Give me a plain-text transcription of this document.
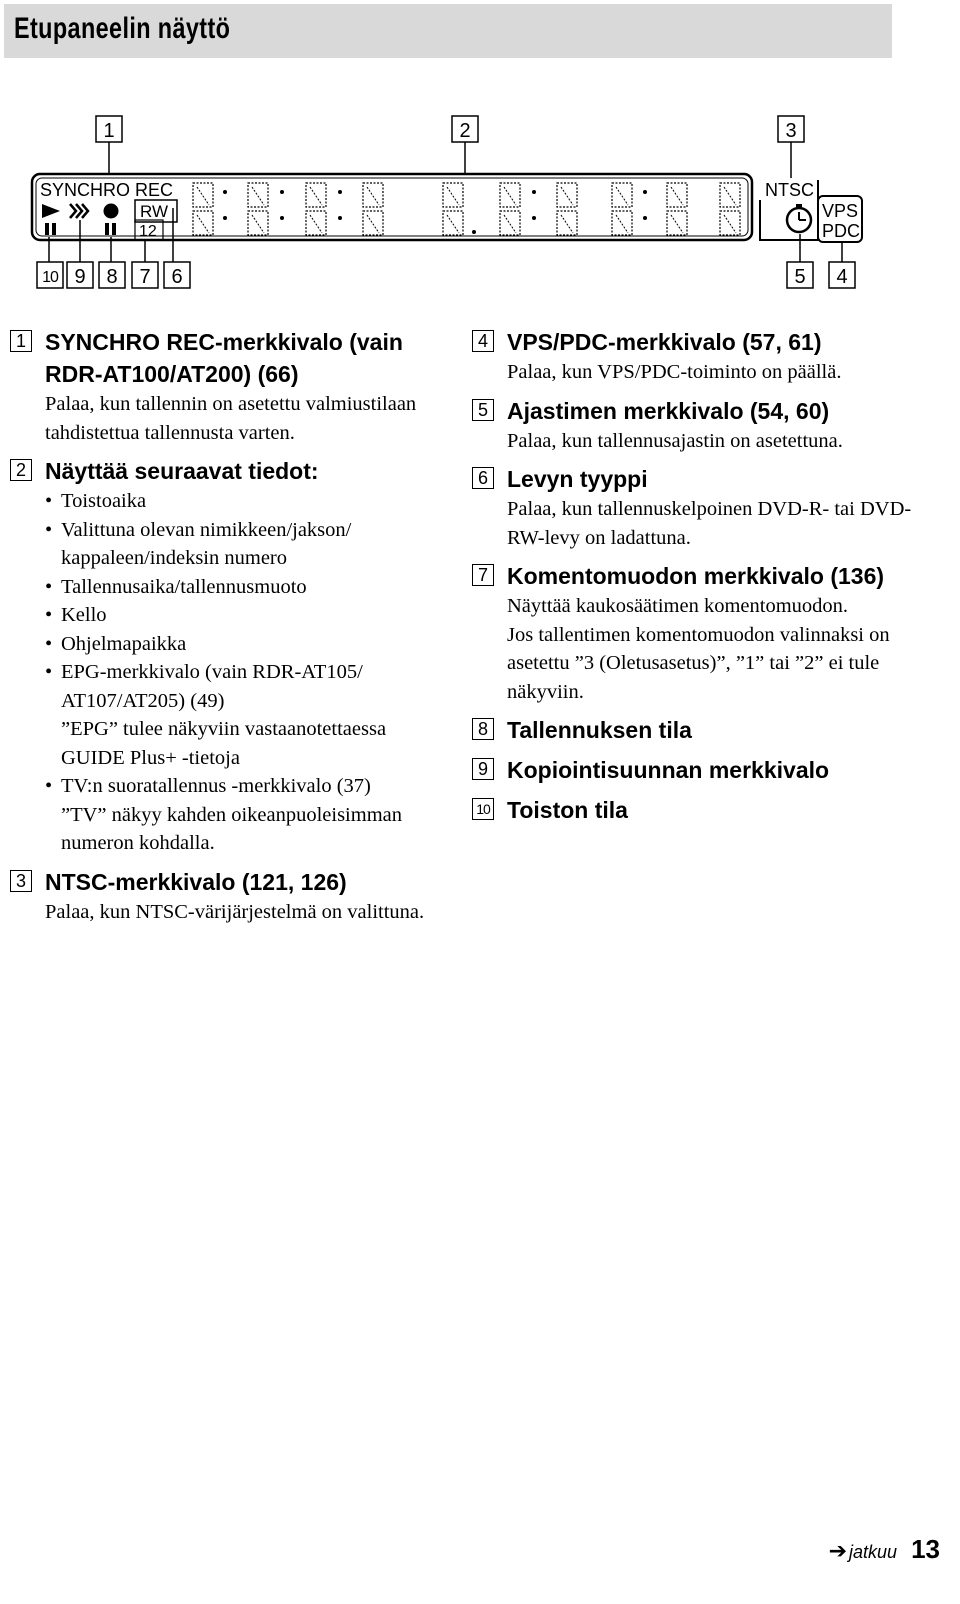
Etupaneelin näyttö
1	2	3
SYNCHRO REC
RW
12
NTSC
VPS
PDC
10 9 8 7 6	5 4
1 SYNCHRO REC-merkkivalo (vain RDR-AT100/AT200) (66)
Palaa, kun tallennin on asetettu valmiustilaan tahdistettua tallennusta varten.
2 Näyttää seuraavat tiedot:
• Toistoaika
• Valittuna olevan nimikkeen/jakson/ kappaleen/indeksin numero
• Tallennusaika/tallennusmuoto
• Kello
• Ohjelmapaikka
• EPG-merkkivalo (vain RDR-AT105/ AT107/AT205) (49)
”EPG” tulee näkyviin vastaanotettaessa GUIDE Plus+ -tietoja
• TV:n suoratallennus -merkkivalo (37)
”TV” näkyy kahden oikeanpuoleisimman numeron kohdalla.
3 NTSC-merkkivalo (121, 126)
Palaa, kun NTSC-värijärjestelmä on valittuna.
4 VPS/PDC-merkkivalo (57, 61)
Palaa, kun VPS/PDC-toiminto on päällä.
5 Ajastimen merkkivalo (54, 60)
Palaa, kun tallennusajastin on asetettuna.
6 Levyn tyyppi
Palaa, kun tallennuskelpoinen DVD-R- tai DVD-RW-levy on ladattuna.
7 Komentomuodon merkkivalo (136)
Näyttää kaukosäätimen komentomuodon.
Jos tallentimen komentomuodon valinnaksi on asetettu ”3 (Oletusasetus)”, ”1” tai ”2” ei tule näkyviin.
8 Tallennuksen tila
9 Kopiointisuunnan merkkivalo
10 Toiston tila
➔ jatkuu 13
